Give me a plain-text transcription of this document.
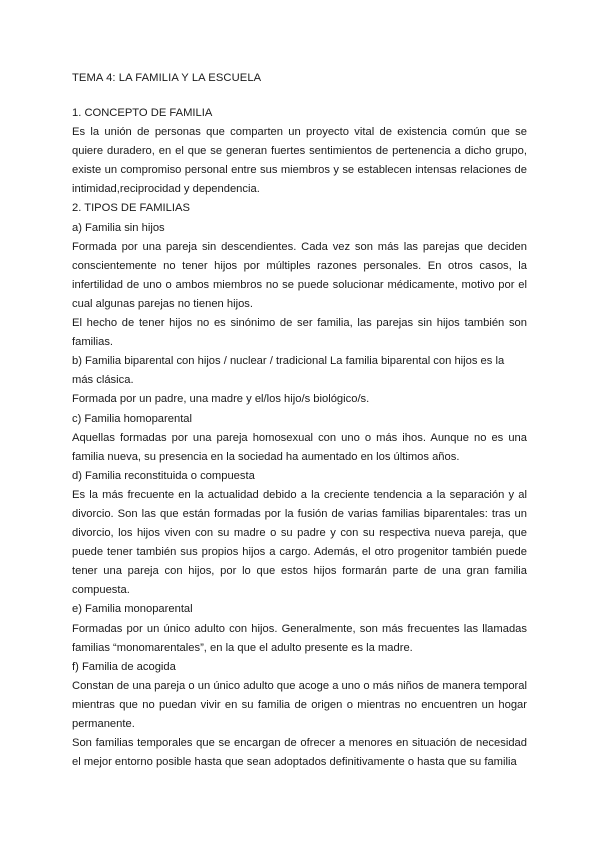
TEMA 4: LA FAMILIA Y LA ESCUELA
1. CONCEPTO DE FAMILIA

Es la unión de personas que comparten un proyecto vital de existencia común que se quiere duradero, en el que se generan fuertes sentimientos de pertenencia a dicho grupo, existe un compromiso personal entre sus miembros y se establecen intensas relaciones de intimidad,reciprocidad y dependencia.

2. TIPOS DE FAMILIAS
a) Familia sin hijos

Formada por una pareja sin descendientes. Cada vez son más las parejas que deciden conscientemente no tener hijos por múltiples razones personales. En otros casos, la infertilidad de uno o ambos miembros no se puede solucionar médicamente, motivo por el cual algunas parejas no tienen hijos.

El hecho de tener hijos no es sinónimo de ser familia, las parejas sin hijos también son familias.

b) Familia biparental con hijos / nuclear / tradicional La familia biparental con hijos es la más clásica.

Formada por un padre, una madre y el/los hijo/s biológico/s.

c) Familia homoparental

Aquellas formadas por una pareja homosexual con uno o más ihos. Aunque no es una familia nueva, su presencia en la sociedad ha aumentado en los últimos años.

d) Familia reconstituida o compuesta

Es la más frecuente en la actualidad debido a la creciente tendencia a la separación y al divorcio. Son las que están formadas por la fusión de varias familias biparentales: tras un divorcio, los hijos viven con su madre o su padre y con su respectiva nueva pareja, que puede tener también sus propios hijos a cargo. Además, el otro progenitor también puede tener una pareja con hijos, por lo que estos hijos formarán parte de una gran familia compuesta.

e) Familia monoparental

Formadas por un único adulto con hijos. Generalmente, son más frecuentes las llamadas familias “monomarentales”, en la que el adulto presente es la madre.

f) Familia de acogida

Constan de una pareja o un único adulto que acoge a uno o más niños de manera temporal mientras que no puedan vivir en su familia de origen o mientras no encuentren un hogar permanente.

Son familias temporales que se encargan de ofrecer a menores en situación de necesidad el mejor entorno posible hasta que sean adoptados definitivamente o hasta que su familia
